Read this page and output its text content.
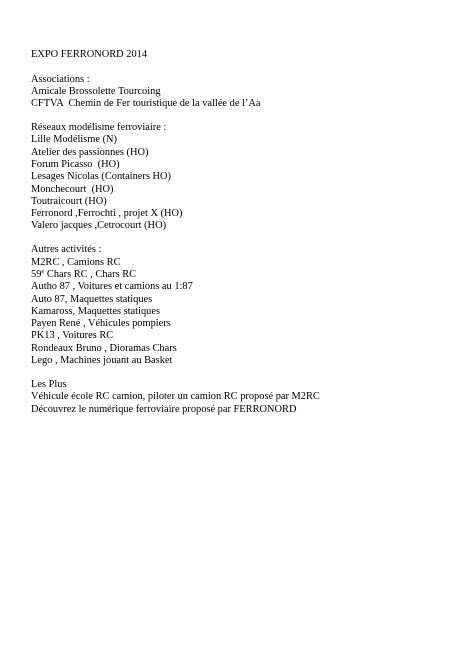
EXPO FERRONORD 2014
Associations :
Amicale Brossolette Tourcoing
CFTVA  Chemin de Fer touristique de la vallée de l’Aa
Réseaux modélisme ferroviaire :
Lille Modélisme (N)
Atelier des passionnes (HO)
Forum Picasso  (HO)
Lesages Nicolas (Containers HO)
Monchecourt  (HO)
Toutraicourt (HO)
Ferronord ,Ferrochti , projet X (HO)
Valero jacques ,Cetrocourt (HO)
Autres activités :
M2RC , Camions RC
59e Chars RC , Chars RC
Autho 87 , Voitures et camions au 1:87
Auto 87, Maquettes statiques
Kamaross, Maquettes statiques
Payen René , Véhicules pompiers
PK13 , Voitures RC
Rondeaux Bruno , Dioramas Chars
Lego , Machines jouant au Basket
Les Plus
Véhicule école RC camion, piloter un camion RC proposé par M2RC
Découvrez le numérique ferroviaire proposé par FERRONORD
